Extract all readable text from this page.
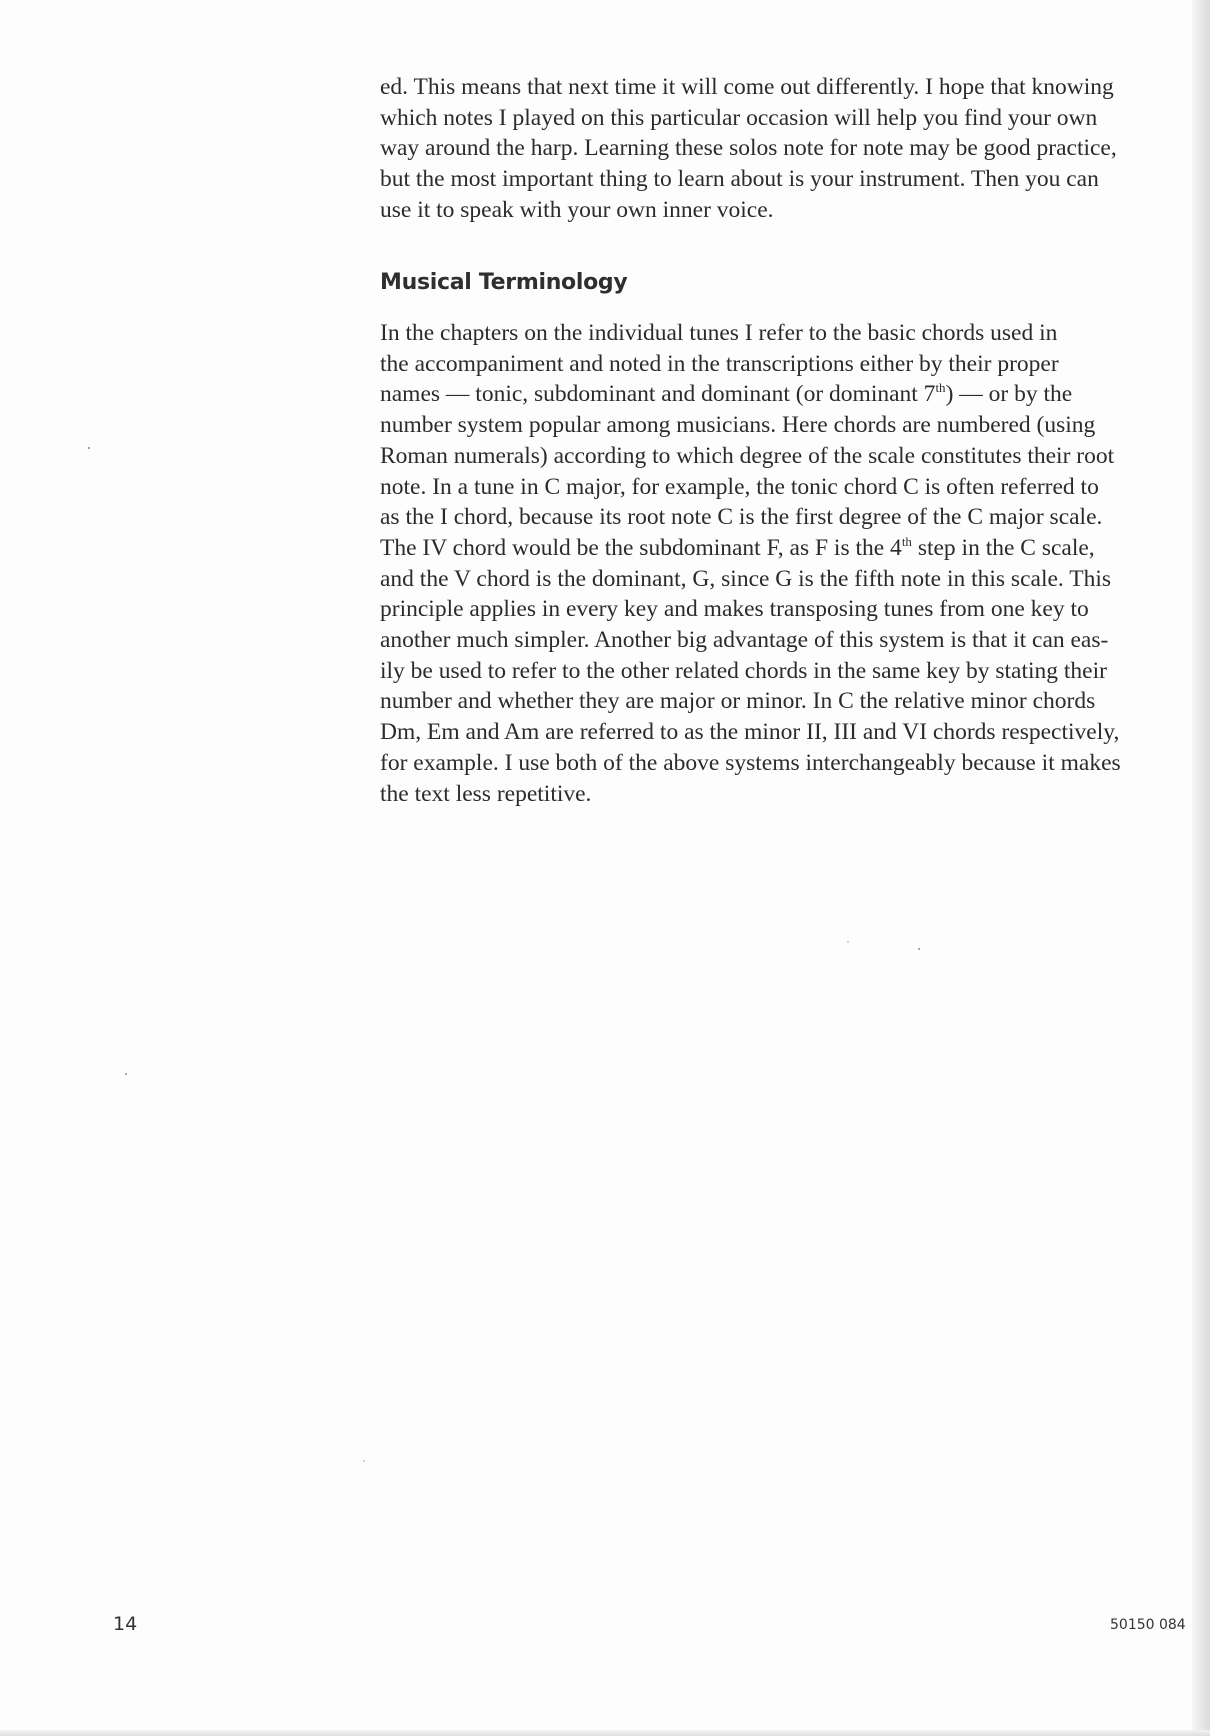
ed. This means that next time it will come out differently. I hope that knowing
which notes I played on this particular occasion will help you find your own
way around the harp. Learning these solos note for note may be good practice,
but the most important thing to learn about is your instrument. Then you can
use it to speak with your own inner voice.

Musical Terminology

In the chapters on the individual tunes I refer to the basic chords used in
the accompaniment and noted in the transcriptions either by their proper
names — tonic, subdominant and dominant (or dominant 7th) — or by the
number system popular among musicians. Here chords are numbered (using
Roman numerals) according to which degree of the scale constitutes their root
note. In a tune in C major, for example, the tonic chord C is often referred to
as the I chord, because its root note C is the first degree of the C major scale.
The IV chord would be the subdominant F, as F is the 4th step in the C scale,
and the V chord is the dominant, G, since G is the fifth note in this scale. This
principle applies in every key and makes transposing tunes from one key to
another much simpler. Another big advantage of this system is that it can eas-
ily be used to refer to the other related chords in the same key by stating their
number and whether they are major or minor. In C the relative minor chords
Dm, Em and Am are referred to as the minor II, III and VI chords respectively,
for example. I use both of the above systems interchangeably because it makes
the text less repetitive.

14	50150 084
